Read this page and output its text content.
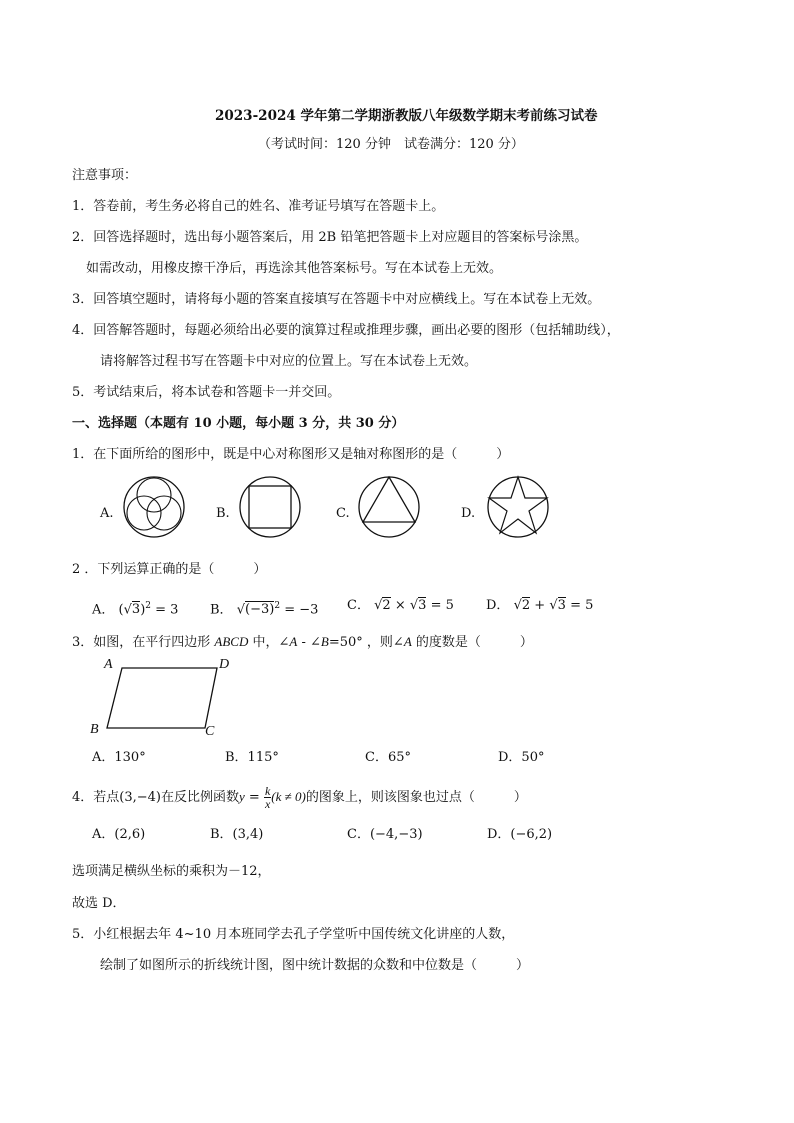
2023-2024 学年第二学期浙教版八年级数学期末考前练习试卷
（考试时间：120 分钟　试卷满分：120 分）
注意事项：
1．答卷前，考生务必将自己的姓名、准考证号填写在答题卡上。
2．回答选择题时，选出每小题答案后，用 2B 铅笔把答题卡上对应题目的答案标号涂黑。
如需改动，用橡皮擦干净后，再选涂其他答案标号。写在本试卷上无效。
3．回答填空题时，请将每小题的答案直接填写在答题卡中对应横线上。写在本试卷上无效。
4．回答解答题时，每题必须给出必要的演算过程或推理步骤，画出必要的图形（包括辅助线），
请将解答过程书写在答题卡中对应的位置上。写在本试卷上无效。
5．考试结束后，将本试卷和答题卡一并交回。
一、选择题（本题有 10 小题，每小题 3 分，共 30 分）
1．在下面所给的图形中，既是中心对称图形又是轴对称图形的是（　　　）
A.	B.	C.	D.
2 ．下列运算正确的是（　　　）
A． $(√3)^2 = 3$ B． $√(-3)^2 = -3$ C． √2 × √3 = 5 D． √2 + √3 = 5
3．如图，在平行四边形 ABCD 中，∠A - ∠B=50° ，则∠A 的度数是（　　　）
A	D
B	C
A．130°	B．115°	C．65°	D．50°
4．若点(3,−4)在反比例函数$y = \frac{k}{x} (k \ne 0)$的图象上，则该图象也过点（　　　）
A．(2,6)	B．(3,4)	C．(−4,−3)	D．(−6,2)
选项满足横纵坐标的乘积为－12，
故选 D．
5．小红根据去年 4~10 月本班同学去孔子学堂听中国传统文化讲座的人数，
绘制了如图所示的折线统计图，图中统计数据的众数和中位数是（　　　）
